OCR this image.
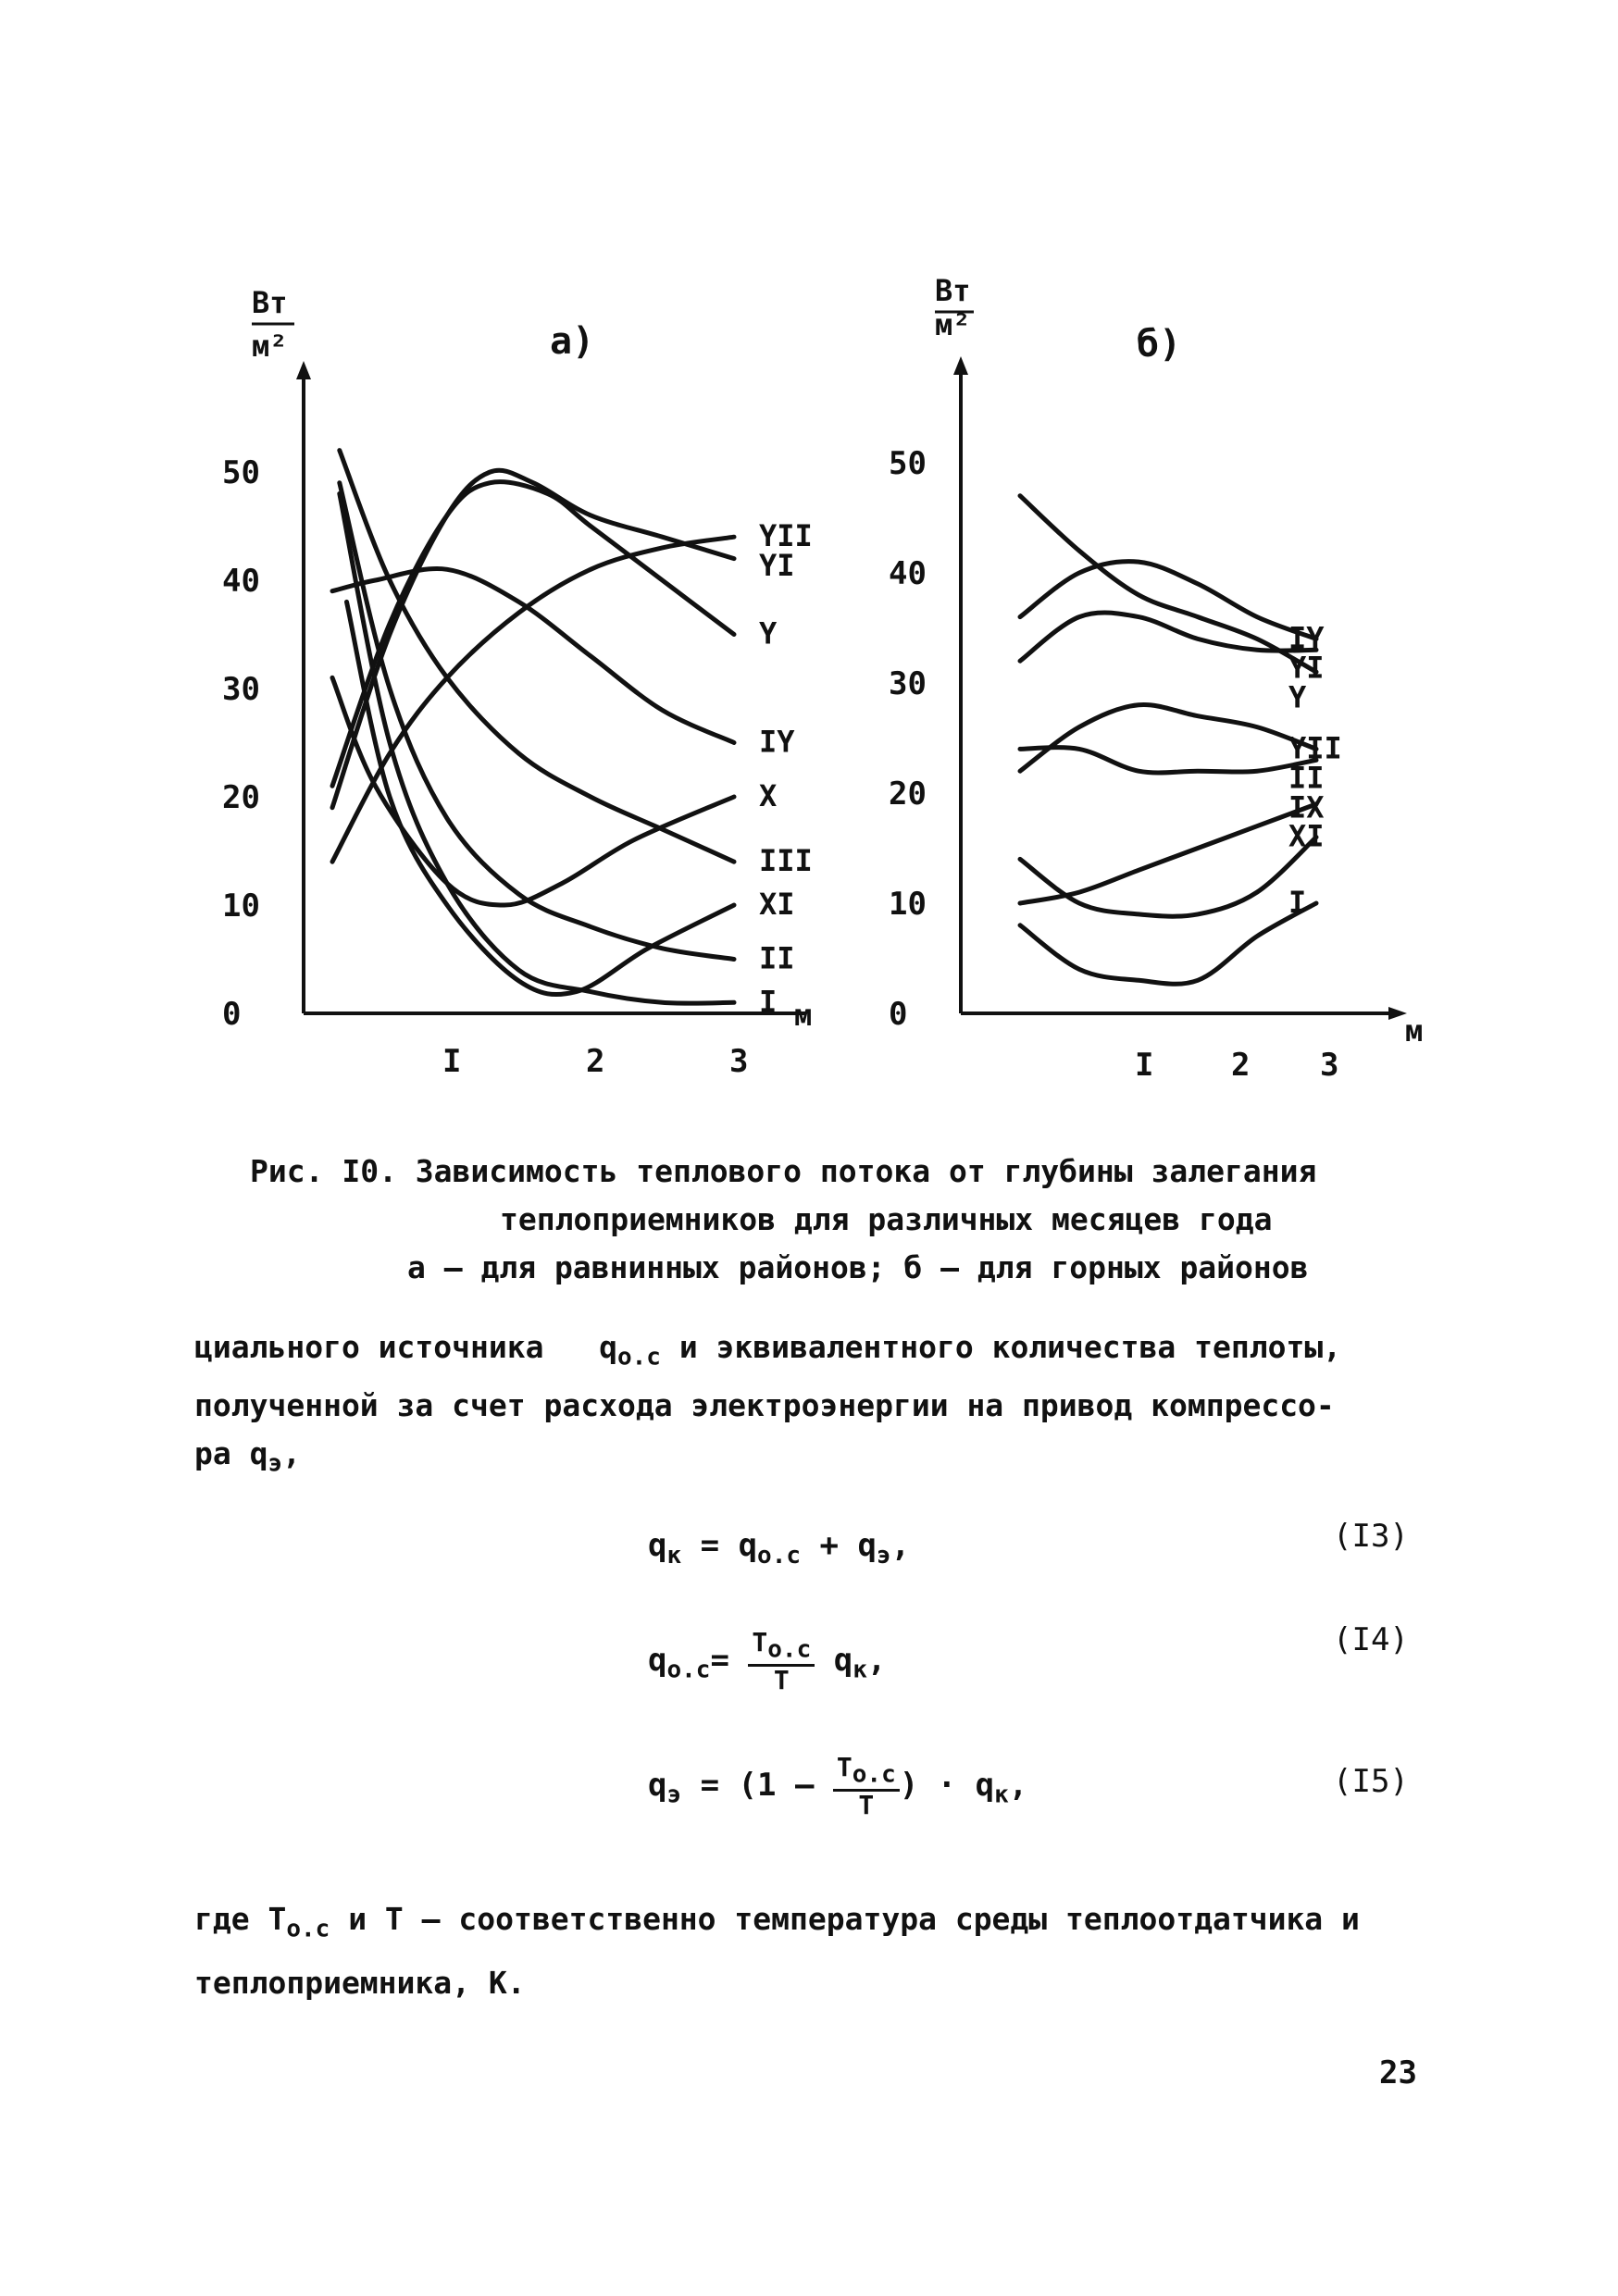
а)
Вт
м²
м
50
40
30
20
10
0
I	2	3
YII
YI
Y
IY
X
III
XI
II
I
б)
Вт
м²
м
50
40
30
20
10
0
I 2 3
IY
YI
Y
YII
II
IX
XI
I
Рис. I0. Зависимость теплового потока от глубины залегания
теплоприемников для различных месяцев года
а – для равнинных районов; б – для горных районов
циального источника $q_{o.c}$ и эквивалентного количества теплоты,
полученной за счет расхода электроэнергии на привод компрессо-
ра $q_э$,
$q_к = q_{о.с} + q_э$,	(I3)
$q_{о.с}= \frac{T_{о.с}}{T} q_к$,
(I4)
$q_э = (1 - \frac{T_{о.с}}{T}$ ) · $q_к$,	(I5)
где $T_{о.с}$ и T – соответственно температура среды теплоотдатчика и
теплоприемника, К.
23
